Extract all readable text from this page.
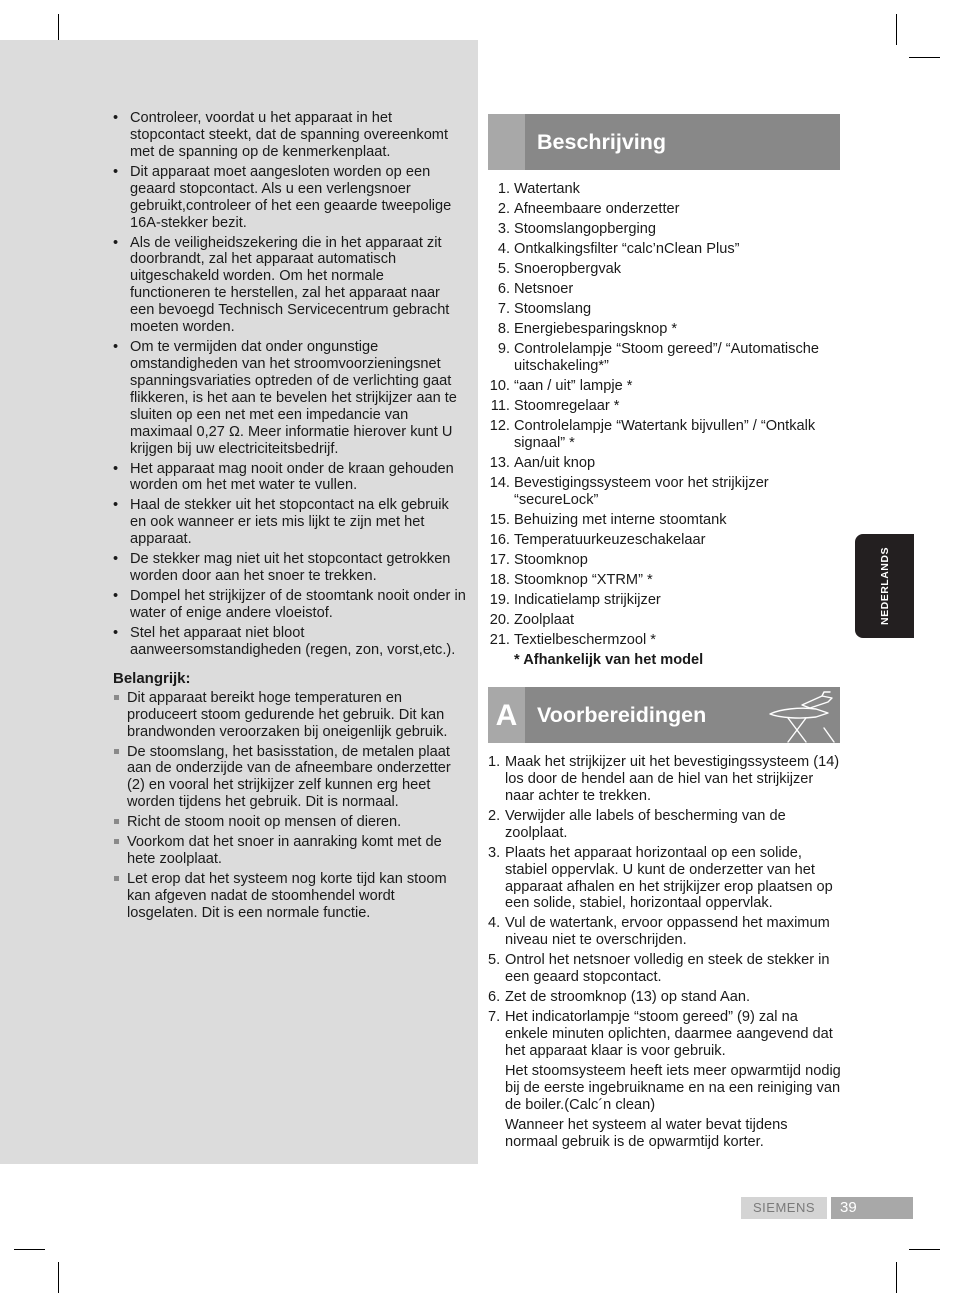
• Controleer, voordat u het apparaat in het stopcontact steekt, dat de spanning overeenkomt met de spanning op de kenmerkenplaat.
• Dit apparaat moet aangesloten worden op een geaard stopcontact. Als u een verlengsnoer gebruikt,controleer of het een geaarde tweepolige 16A-stekker bezit.
• Als de veiligheidszekering die in het apparaat zit doorbrandt, zal het apparaat automatisch uitgeschakeld worden. Om het normale functioneren te herstellen, zal het apparaat naar een bevoegd Technisch Servicecentrum gebracht moeten worden.
• Om te vermijden dat onder ongunstige omstandigheden van het stroomvoorzieningsnet spanningsvariaties optreden of de verlichting gaat flikkeren, is het aan te bevelen het strijkijzer aan te sluiten op een net met een impedancie van maximaal 0,27 Ω. Meer informatie hierover kunt U krijgen bij uw electriciteitsbedrijf.
• Het apparaat mag nooit onder de kraan gehouden worden om het met water te vullen.
• Haal de stekker uit het stopcontact na elk gebruik en ook wanneer er iets mis lijkt te zijn met het apparaat.
• De stekker mag niet uit het stopcontact getrokken worden door aan het snoer te trekken.
• Dompel het strijkijzer of de stoomtank nooit onder in water of enige andere vloeistof.
• Stel het apparaat niet bloot aanweersomstandigheden (regen, zon, vorst,etc.).
Belangrijk:
Dit apparaat bereikt hoge temperaturen en produceert stoom gedurende het gebruik. Dit kan brandwonden veroorzaken bij oneigenlijk gebruik.
De stoomslang, het basisstation, de metalen plaat aan de onderzijde van de afneembare onderzetter (2) en vooral het strijkijzer zelf kunnen erg heet worden tijdens het gebruik. Dit is normaal.
Richt de stoom nooit op mensen of dieren.
Voorkom dat het snoer in aanraking komt met de hete zoolplaat.
Let erop dat het systeem nog korte tijd kan stoom kan afgeven nadat de stoomhendel wordt losgelaten. Dit is een normale functie.
Beschrijving
1. Watertank
2. Afneembaare onderzetter
3. Stoomslangopberging
4. Ontkalkingsfilter “calc’nClean Plus”
5. Snoeropbergvak
6. Netsnoer
7. Stoomslang
8. Energiebesparingsknop *
9. Controlelampje “Stoom gereed”/ “Automatische uitschakeling*”
10. “aan / uit” lampje *
11. Stoomregelaar *
12. Controlelampje “Watertank bijvullen” / “Ontkalk signaal” *
13. Aan/uit knop
14. Bevestigingssysteem voor het strijkijzer “secureLock”
15. Behuizing met interne stoomtank
16. Temperatuurkeuzeschakelaar
17. Stoomknop
18. Stoomknop “XTRM” *
19. Indicatielamp strijkijzer
20. Zoolplaat
21. Textielbeschermzool *
* Afhankelijk van het model
A Voorbereidingen
1. Maak het strijkijzer uit het bevestigingssysteem (14) los door de hendel aan de hiel van het strijkijzer naar achter te trekken.
2. Verwijder alle labels of bescherming van de zoolplaat.
3. Plaats het apparaat horizontaal op een solide, stabiel oppervlak. U kunt de onderzetter van het apparaat afhalen en het strijkijzer erop plaatsen op een solide, stabiel, horizontaal oppervlak.
4. Vul de watertank, ervoor oppassend het maximum niveau niet te overschrijden.
5. Ontrol het netsnoer volledig en steek de stekker in een geaard stopcontact.
6. Zet de stroomknop (13) op stand Aan.
7. Het indicatorlampje “stoom gereed” (9) zal na enkele minuten oplichten, daarmee aangevend dat het apparaat klaar is voor gebruik.
Het stoomsysteem heeft iets meer opwarmtijd nodig bij de eerste ingebruikname en na een reiniging van de boiler.(Calc´n clean)
Wanneer het systeem al water bevat tijdens normaal gebruik is de opwarmtijd korter.
NEDERLANDS
SIEMENS	39
